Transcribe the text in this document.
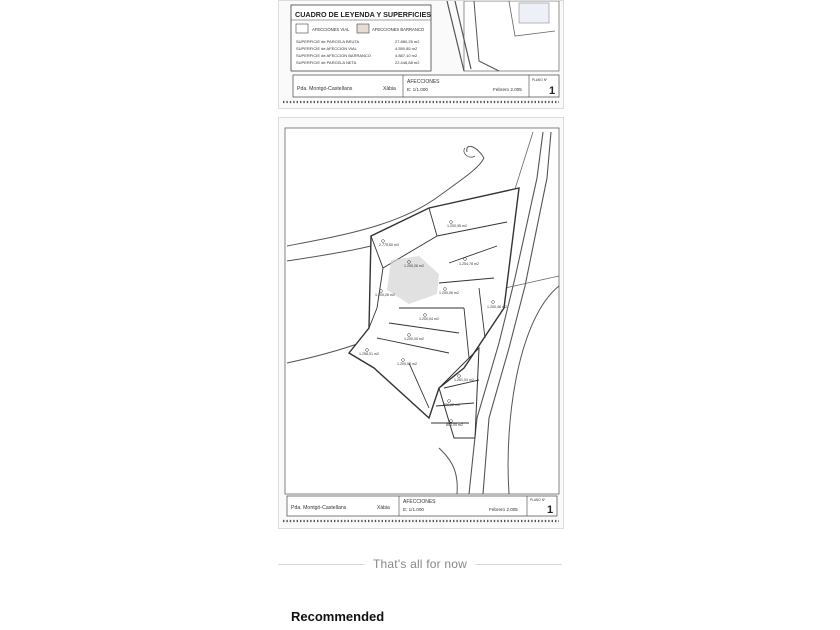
CUADRO DE LEYENDA Y SUPERFICIES
AFECCIONES VIAL	AFECCIONES BARRANCO
SUPERFICIE de PARCELA BRUTA	27.880,25 m2
SUPERFICIE de AFECCION VIAL	4.550,85 m2
SUPERFICIE de AFECCION BARRANCO	4.887,10 m2
SUPERFICIE de PARCELA NETA	22.446,88 m2
Pda. Montgó-Castellans	Xàbia
AFECCIONES
E: 1/1.000	Febrero 2.005
PLANO Nº
1
2.775,60 m2
1.200,95 m2
1.200,26 m2	1.254,78 m2
1.200,26 m2	1.200,06 m2
1.200,04 m2
1.200,46 m2
1.200,00 m2
1.258,01 m2
1.200,00 m2
1.261,04 m2
800,92 m2
800,00 m2
Pda. Montgó-Castellans	Xàbia
AFECCIONES
E: 1/1.000	Febrero 2.005
PLANO Nº
1
That's all for now
Recommended
